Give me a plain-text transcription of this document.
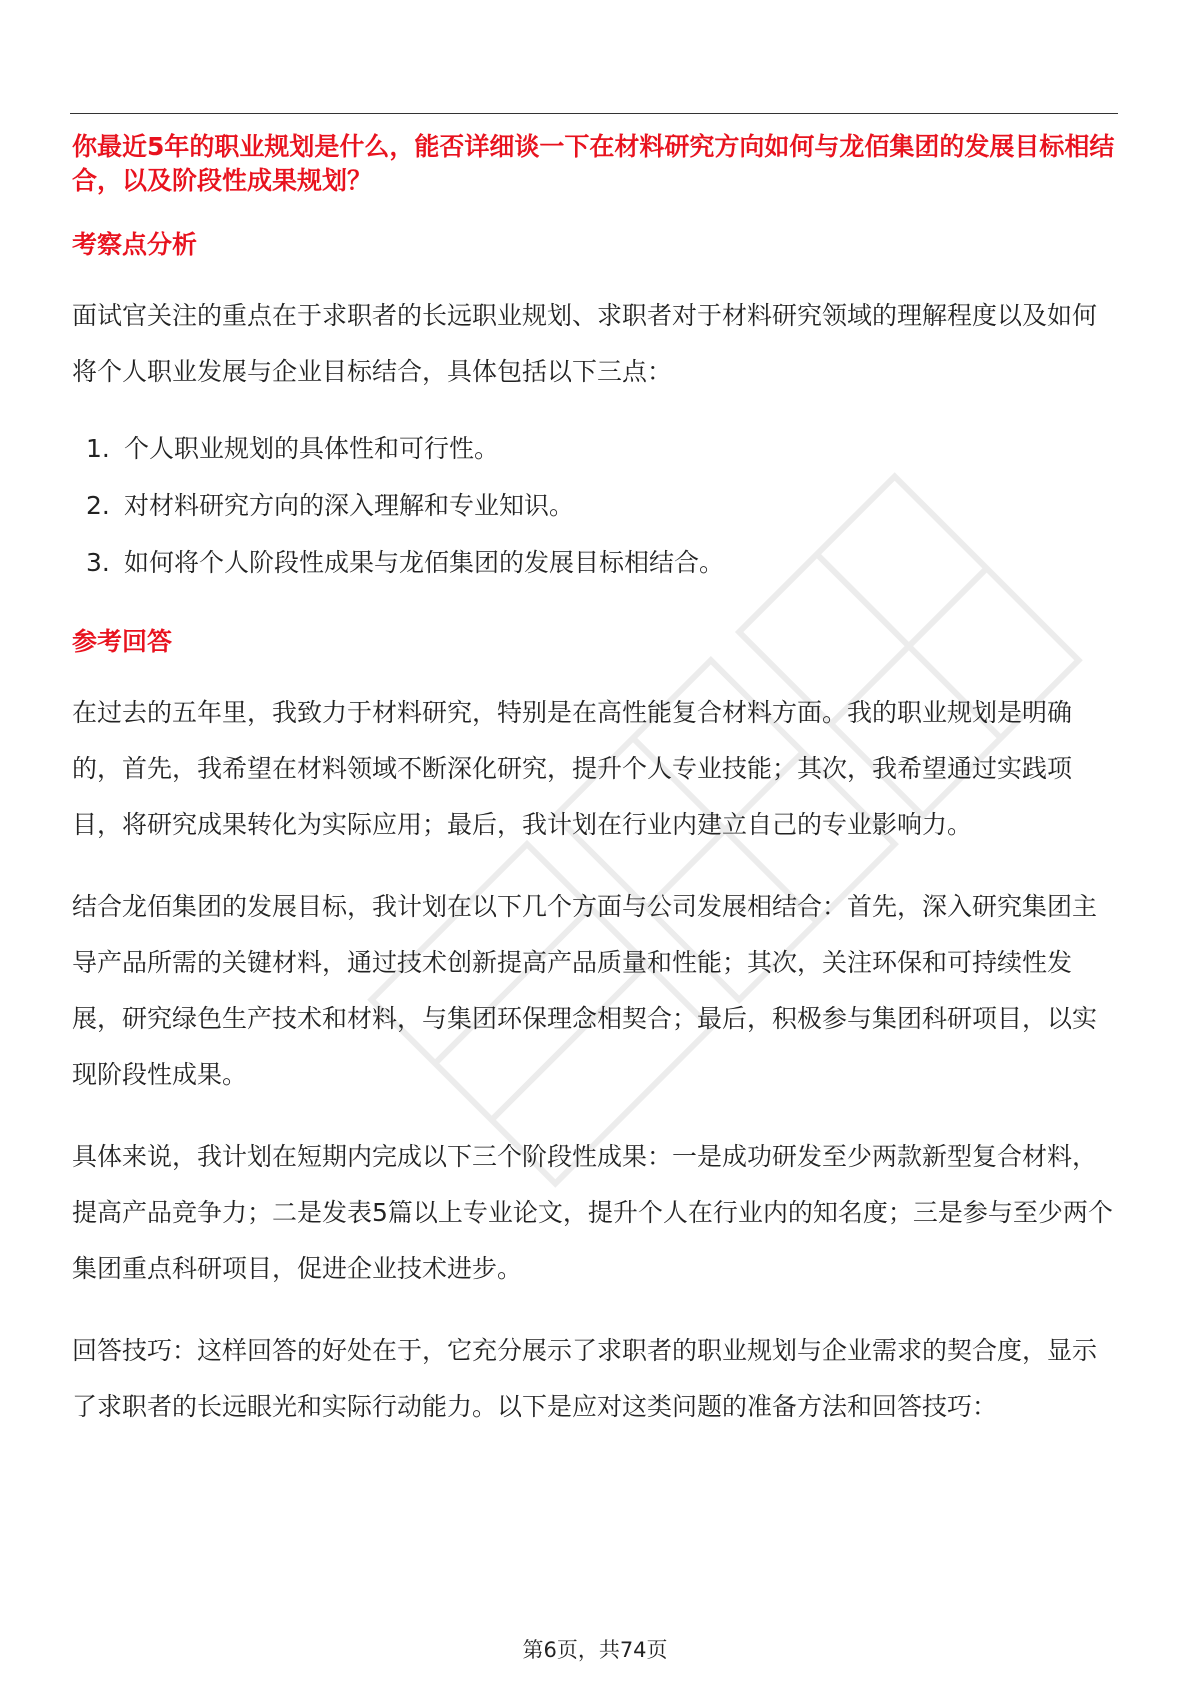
你最近5年的职业规划是什么，能否详细谈一下在材料研究方向如何与龙佰集团的发展目标相结合，以及阶段性成果规划？

考察点分析

面试官关注的重点在于求职者的长远职业规划、求职者对于材料研究领域的理解程度以及如何将个人职业发展与企业目标结合，具体包括以下三点：

1. 个人职业规划的具体性和可行性。
2. 对材料研究方向的深入理解和专业知识。
3. 如何将个人阶段性成果与龙佰集团的发展目标相结合。

参考回答

在过去的五年里，我致力于材料研究，特别是在高性能复合材料方面。我的职业规划是明确的，首先，我希望在材料领域不断深化研究，提升个人专业技能；其次，我希望通过实践项目，将研究成果转化为实际应用；最后，我计划在行业内建立自己的专业影响力。

结合龙佰集团的发展目标，我计划在以下几个方面与公司发展相结合：首先，深入研究集团主导产品所需的关键材料，通过技术创新提高产品质量和性能；其次，关注环保和可持续性发展，研究绿色生产技术和材料，与集团环保理念相契合；最后，积极参与集团科研项目，以实现阶段性成果。

具体来说，我计划在短期内完成以下三个阶段性成果：一是成功研发至少两款新型复合材料，提高产品竞争力；二是发表5篇以上专业论文，提升个人在行业内的知名度；三是参与至少两个集团重点科研项目，促进企业技术进步。

回答技巧：这样回答的好处在于，它充分展示了求职者的职业规划与企业需求的契合度，显示了求职者的长远眼光和实际行动能力。以下是应对这类问题的准备方法和回答技巧：

第6页，共74页
